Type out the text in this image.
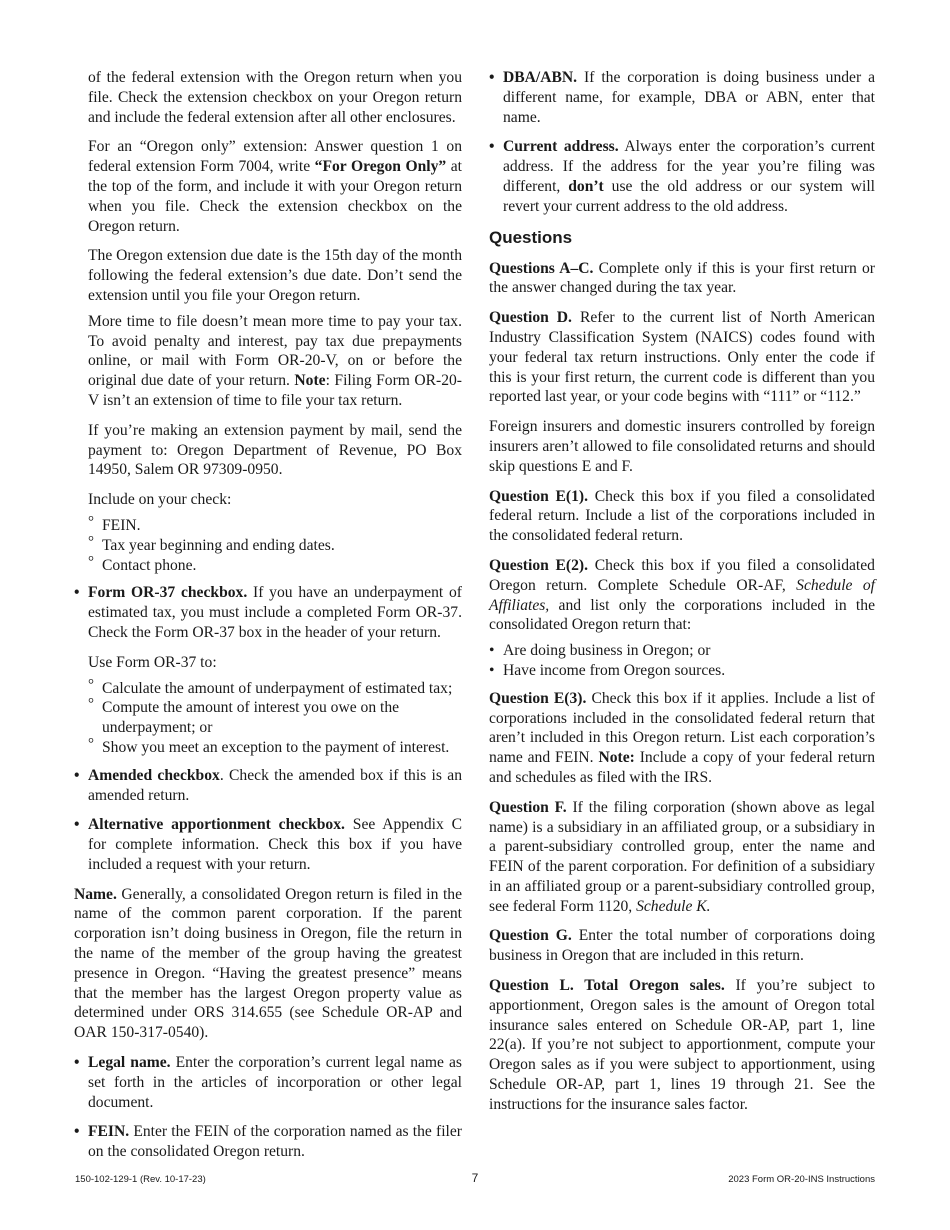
of the federal extension with the Oregon return when you file. Check the extension checkbox on your Oregon return and include the federal extension after all other enclosures.

For an “Oregon only” extension: Answer question 1 on federal extension Form 7004, write “For Oregon Only” at the top of the form, and include it with your Oregon return when you file. Check the extension checkbox on the Oregon return.

The Oregon extension due date is the 15th day of the month following the federal extension’s due date. Don’t send the extension until you file your Oregon return.

More time to file doesn’t mean more time to pay your tax. To avoid penalty and interest, pay tax due prepayments online, or mail with Form OR-20-V, on or before the original due date of your return. Note: Filing Form OR-20-V isn’t an extension of time to file your tax return.

If you’re making an extension payment by mail, send the payment to: Oregon Department of Revenue, PO Box 14950, Salem OR 97309-0950.

Include on your check:

° FEIN.
° Tax year beginning and ending dates.
° Contact phone.
• Form OR-37 checkbox. If you have an underpayment of estimated tax, you must include a completed Form OR-37. Check the Form OR-37 box in the header of your return.

Use Form OR-37 to:

° Calculate the amount of underpayment of estimated tax;
° Compute the amount of interest you owe on the underpayment; or
° Show you meet an exception to the payment of interest.
• Amended checkbox. Check the amended box if this is an amended return.
• Alternative apportionment checkbox. See Appendix C for complete information. Check this box if you have included a request with your return.

Name. Generally, a consolidated Oregon return is filed in the name of the common parent corporation. If the parent corporation isn’t doing business in Oregon, file the return in the name of the member of the group having the greatest presence in Oregon. “Having the greatest presence” means that the member has the largest Oregon property value as determined under ORS 314.655 (see Schedule OR-AP and OAR 150-317-0540).

• Legal name. Enter the corporation’s current legal name as set forth in the articles of incorporation or other legal document.
• FEIN. Enter the FEIN of the corporation named as the filer on the consolidated Oregon return.
• DBA/ABN. If the corporation is doing business under a different name, for example, DBA or ABN, enter that name.
• Current address. Always enter the corporation’s current address. If the address for the year you’re filing was different, don’t use the old address or our system will revert your current address to the old address.
Questions

Questions A–C. Complete only if this is your first return or the answer changed during the tax year.

Question D. Refer to the current list of North American Industry Classification System (NAICS) codes found with your federal tax return instructions. Only enter the code if this is your first return, the current code is different than you reported last year, or your code begins with “111” or “112.”

Foreign insurers and domestic insurers controlled by foreign insurers aren’t allowed to file consolidated returns and should skip questions E and F.

Question E(1). Check this box if you filed a consolidated federal return. Include a list of the corporations included in the consolidated federal return.

Question E(2). Check this box if you filed a consolidated Oregon return. Complete Schedule OR-AF, Schedule of Affiliates, and list only the corporations included in the consolidated Oregon return that:

• Are doing business in Oregon; or
• Have income from Oregon sources.

Question E(3). Check this box if it applies. Include a list of corporations included in the consolidated federal return that aren’t included in this Oregon return. List each corporation’s name and FEIN. Note: Include a copy of your federal return and schedules as filed with the IRS.

Question F. If the filing corporation (shown above as legal name) is a subsidiary in an affiliated group, or a subsidiary in a parent-subsidiary controlled group, enter the name and FEIN of the parent corporation. For definition of a subsidiary in an affiliated group or a parent-subsidiary controlled group, see federal Form 1120, Schedule K.

Question G. Enter the total number of corporations doing business in Oregon that are included in this return.

Question L. Total Oregon sales. If you’re subject to apportionment, Oregon sales is the amount of Oregon total insurance sales entered on Schedule OR-AP, part 1, line 22(a). If you’re not subject to apportionment, compute your Oregon sales as if you were subject to apportionment, using Schedule OR-AP, part 1, lines 19 through 21. See the instructions for the insurance sales factor.

150-102-129-1 (Rev. 10-17-23)	7	2023 Form OR-20-INS Instructions
